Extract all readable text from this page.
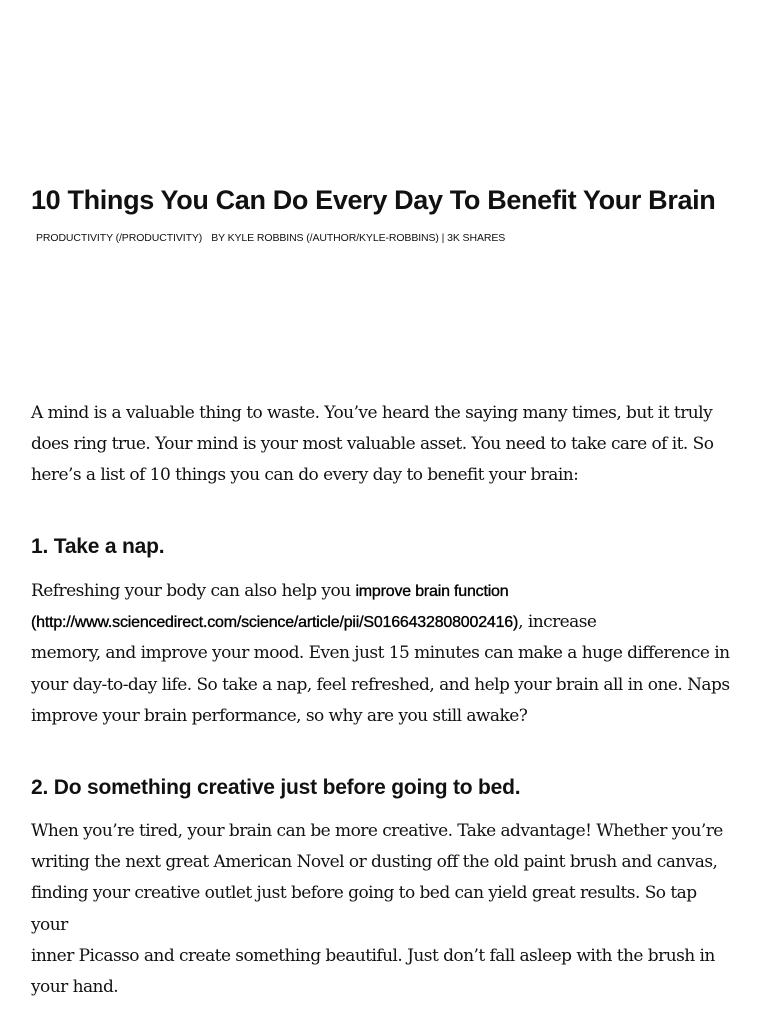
10 Things You Can Do Every Day To Benefit Your Brain
PRODUCTIVITY (/PRODUCTIVITY) BY KYLE ROBBINS (/AUTHOR/KYLE-ROBBINS) | 3K SHARES
A mind is a valuable thing to waste. You’ve heard the saying many times, but it truly
does ring true. Your mind is your most valuable asset. You need to take care of it. So
here’s a list of 10 things you can do every day to benefit your brain:
1. Take a nap.
Refreshing your body can also help you improve brain function
(http://www.sciencedirect.com/science/article/pii/S0166432808002416), increase
memory, and improve your mood. Even just 15 minutes can make a huge difference in
your day-to-day life. So take a nap, feel refreshed, and help your brain all in one. Naps
improve your brain performance, so why are you still awake?
2. Do something creative just before going to bed.
When you’re tired, your brain can be more creative. Take advantage! Whether you’re
writing the next great American Novel or dusting off the old paint brush and canvas,
finding your creative outlet just before going to bed can yield great results. So tap your
inner Picasso and create something beautiful. Just don’t fall asleep with the brush in
your hand.
